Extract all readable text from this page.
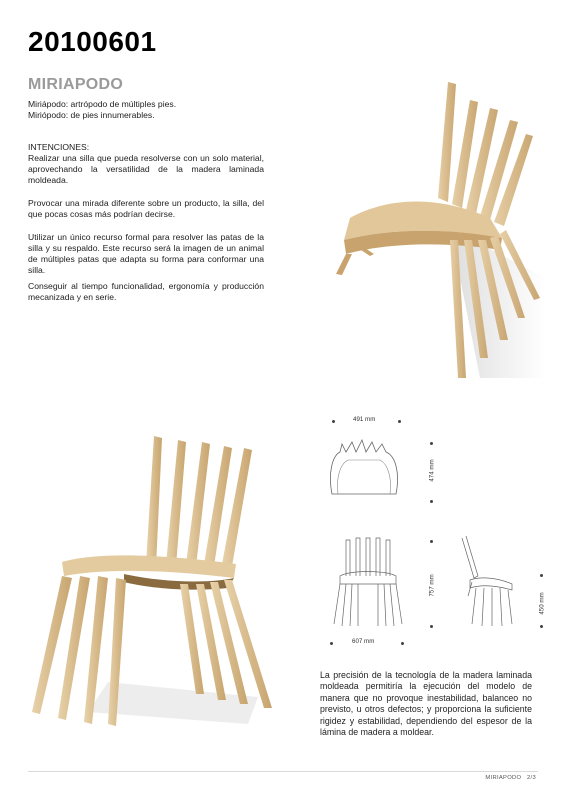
20100601
MIRIAPODO
Miriápodo: artrópodo de múltiples pies.
Miriópodo: de pies innumerables.
INTENCIONES:
Realizar una silla que pueda resolverse con un solo material, aprovechando la versatilidad de la madera laminada moldeada.
Provocar una mirada diferente sobre un producto, la silla, del que pocas cosas más podrían decirse.
Utilizar un único recurso formal para resolver las patas de la silla y su respaldo. Este recurso será la imagen de un animal de múltiples patas que adapta su forma para conformar una silla.
Conseguir al tiempo funcionalidad, ergonomía y producción mecanizada y en serie.
491 mm
474 mm
757 mm
607 mm
450 mm
La precisión de la tecnología de la madera laminada moldeada permitiría la ejecución del modelo de manera que no provoque inestabilidad, balanceo no previsto, u otros defectos; y proporciona la suficiente rigidez y estabilidad, dependiendo del espesor de la lámina de madera a moldear.
MIRIAPODO 2/3
